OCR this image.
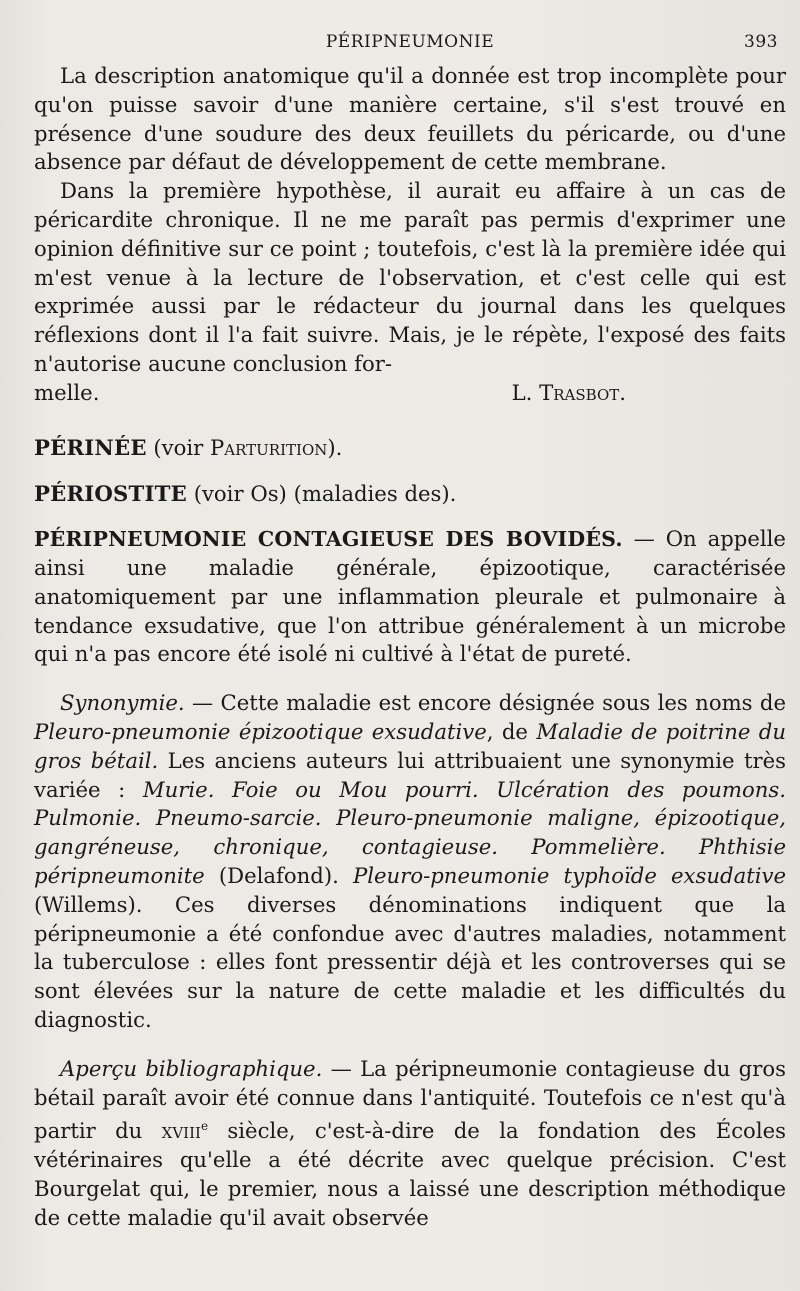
PÉRIPNEUMONIE	393

La description anatomique qu'il a donnée est trop incomplète pour qu'on puisse savoir d'une manière certaine, s'il s'est trouvé en présence d'une soudure des deux feuillets du péricarde, ou d'une absence par défaut de développement de cette membrane.

Dans la première hypothèse, il aurait eu affaire à un cas de péricardite chronique. Il ne me paraît pas permis d'exprimer une opinion définitive sur ce point ; toutefois, c'est là la première idée qui m'est venue à la lecture de l'observation, et c'est celle qui est exprimée aussi par le rédacteur du journal dans les quelques réflexions dont il l'a fait suivre. Mais, je le répète, l'exposé des faits n'autorise aucune conclusion for-

melle.	L. Trasbot.
PÉRINÉE (voir Parturition).
PÉRIOSTITE (voir Os) (maladies des).

PÉRIPNEUMONIE CONTAGIEUSE DES BOVIDÉS. — On appelle ainsi une maladie générale, épizootique, caractérisée anatomiquement par une inflammation pleurale et pulmonaire à tendance exsudative, que l'on attribue généralement à un microbe qui n'a pas encore été isolé ni cultivé à l'état de pureté.

Synonymie. — Cette maladie est encore désignée sous les noms de Pleuro-pneumonie épizootique exsudative, de Maladie de poitrine du gros bétail. Les anciens auteurs lui attribuaient une synonymie très variée : Murie. Foie ou Mou pourri. Ulcération des poumons. Pulmonie. Pneumo-sarcie. Pleuro-pneumonie maligne, épizootique, gangréneuse, chronique, contagieuse. Pommelière. Phthisie péripneumonite (Delafond). Pleuro-pneumonie typhoïde exsudative (Willems). Ces diverses dénominations indiquent que la péripneumonie a été confondue avec d'autres maladies, notamment la tuberculose : elles font pressentir déjà et les controverses qui se sont élevées sur la nature de cette maladie et les difficultés du diagnostic.

Aperçu bibliographique. — La péripneumonie contagieuse du gros bétail paraît avoir été connue dans l'antiquité. Toutefois ce n'est qu'à partir du xviii$^e$ siècle, c'est-à-dire de la fondation des Écoles vétérinaires qu'elle a été décrite avec quelque précision. C'est Bourgelat qui, le premier, nous a laissé une description méthodique de cette maladie qu'il avait observée
